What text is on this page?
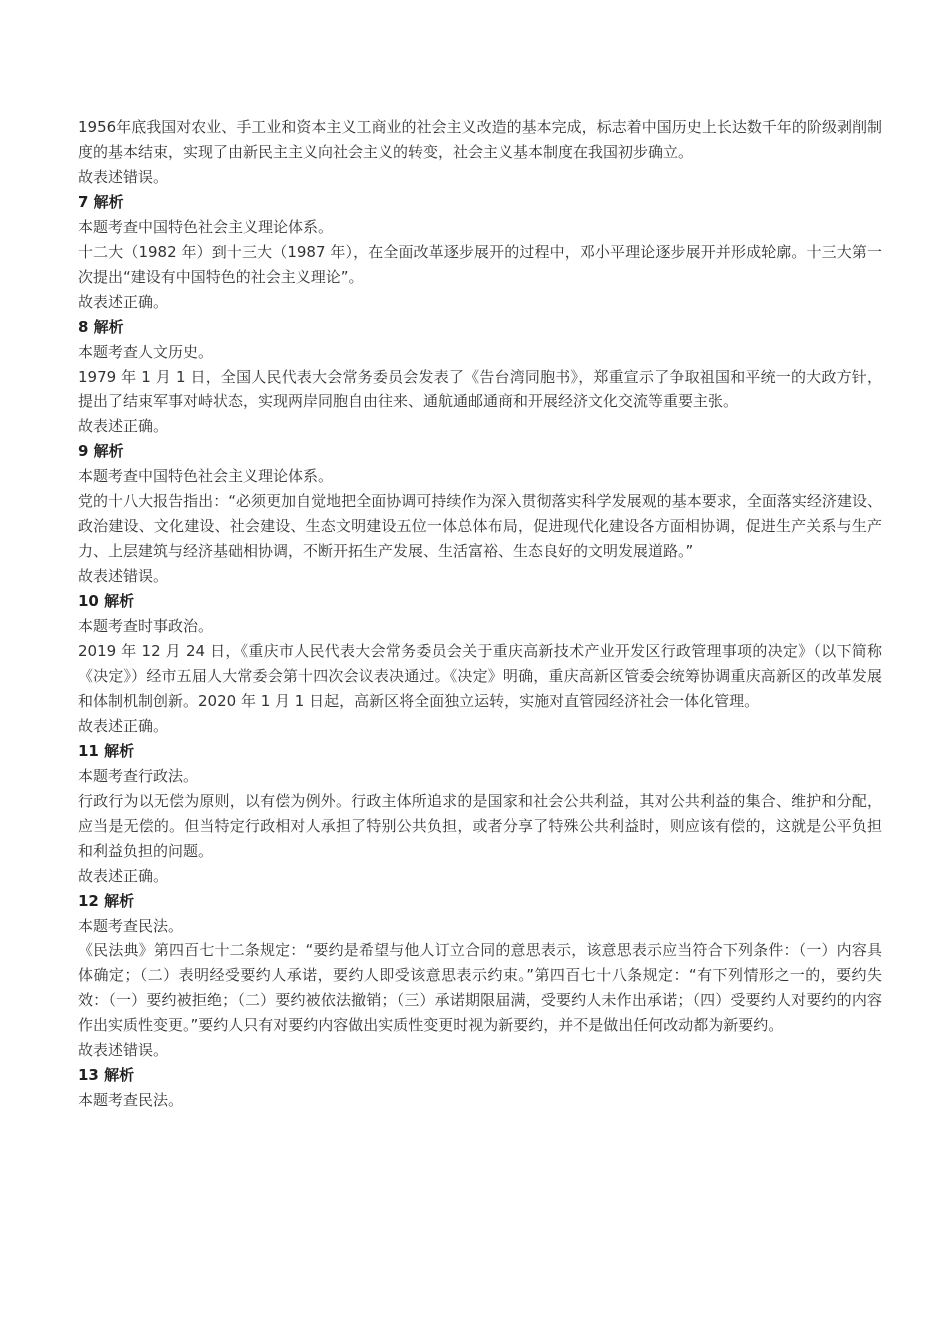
1956年底我国对农业、手工业和资本主义工商业的社会主义改造的基本完成，标志着中国历史上长达数千年的阶级剥削制度的基本结束，实现了由新民主主义向社会主义的转变，社会主义基本制度在我国初步确立。

故表述错误。

7 解析

本题考查中国特色社会主义理论体系。

十二大（1982 年）到十三大（1987 年），在全面改革逐步展开的过程中，邓小平理论逐步展开并形成轮廓。十三大第一次提出“建设有中国特色的社会主义理论”。

故表述正确。

8 解析

本题考查人文历史。

1979 年 1 月 1 日，全国人民代表大会常务委员会发表了《告台湾同胞书》，郑重宣示了争取祖国和平统一的大政方针，提出了结束军事对峙状态，实现两岸同胞自由往来、通航通邮通商和开展经济文化交流等重要主张。

故表述正确。

9 解析

本题考查中国特色社会主义理论体系。

党的十八大报告指出：“必须更加自觉地把全面协调可持续作为深入贯彻落实科学发展观的基本要求，全面落实经济建设、政治建设、文化建设、社会建设、生态文明建设五位一体总体布局，促进现代化建设各方面相协调，促进生产关系与生产力、上层建筑与经济基础相协调，不断开拓生产发展、生活富裕、生态良好的文明发展道路。”

故表述错误。

10 解析

本题考查时事政治。

2019 年 12 月 24 日，《重庆市人民代表大会常务委员会关于重庆高新技术产业开发区行政管理事项的决定》（以下简称《决定》）经市五届人大常委会第十四次会议表决通过。《决定》明确，重庆高新区管委会统筹协调重庆高新区的改革发展和体制机制创新。2020 年 1 月 1 日起，高新区将全面独立运转，实施对直管园经济社会一体化管理。

故表述正确。

11 解析

本题考查行政法。

行政行为以无偿为原则，以有偿为例外。行政主体所追求的是国家和社会公共利益，其对公共利益的集合、维护和分配，应当是无偿的。但当特定行政相对人承担了特别公共负担，或者分享了特殊公共利益时，则应该有偿的，这就是公平负担和利益负担的问题。

故表述正确。

12 解析

本题考查民法。

《民法典》第四百七十二条规定：“要约是希望与他人订立合同的意思表示，该意思表示应当符合下列条件：（一）内容具体确定；（二）表明经受要约人承诺，要约人即受该意思表示约束。”第四百七十八条规定：“有下列情形之一的，要约失效：（一）要约被拒绝；（二）要约被依法撤销；（三）承诺期限届满，受要约人未作出承诺；（四）受要约人对要约的内容作出实质性变更。”要约人只有对要约内容做出实质性变更时视为新要约，并不是做出任何改动都为新要约。

故表述错误。

13 解析

本题考查民法。
